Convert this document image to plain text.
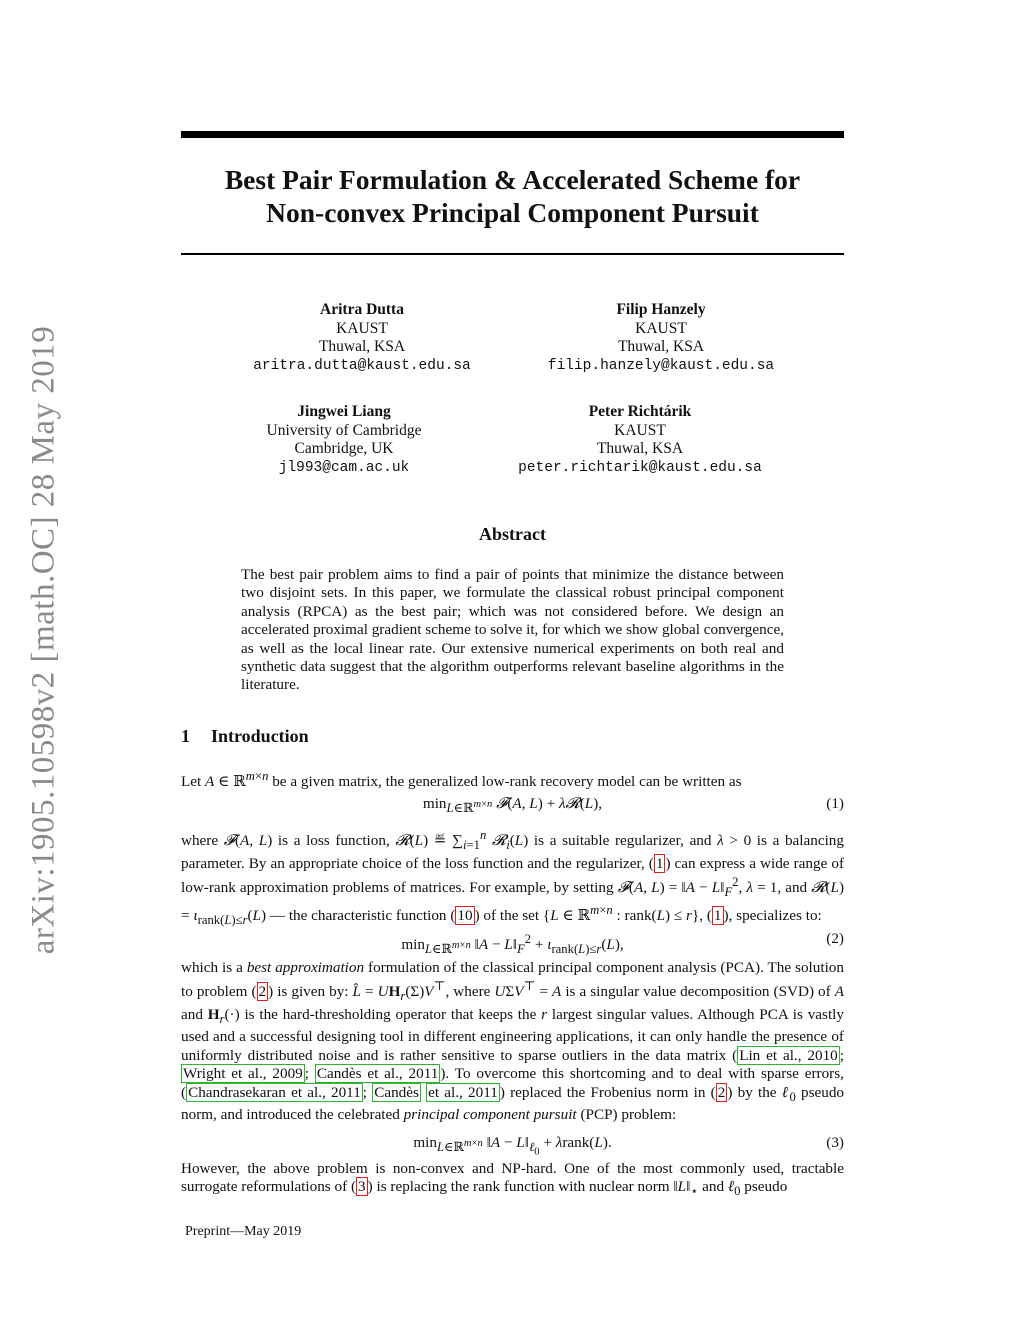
arXiv:1905.10598v2 [math.OC] 28 May 2019
Best Pair Formulation & Accelerated Scheme for
Non-convex Principal Component Pursuit
Aritra Dutta
KAUST
Thuwal, KSA
aritra.dutta@kaust.edu.sa
Filip Hanzely
KAUST
Thuwal, KSA
filip.hanzely@kaust.edu.sa
Jingwei Liang
University of Cambridge
Cambridge, UK
jl993@cam.ac.uk
Peter Richtárik
KAUST
Thuwal, KSA
peter.richtarik@kaust.edu.sa
Abstract
The best pair problem aims to find a pair of points that minimize the distance between two disjoint sets. In this paper, we formulate the classical robust principal component analysis (RPCA) as the best pair; which was not considered before. We design an accelerated proximal gradient scheme to solve it, for which we show global convergence, as well as the local linear rate. Our extensive numerical experiments on both real and synthetic data suggest that the algorithm outperforms relevant baseline algorithms in the literature.
1 Introduction
Let A ∈ ℝ$^{m\times n}$ be a given matrix, the generalized low-rank recovery model can be written as
$\min_{L\in ℝ^{m\times n}}$ 𝓕(A, L) + λ𝓡(L),	(1)
where 𝓕(A, L) is a loss function, 𝓡(L) ≝ $\sum_{i=1}^n$ 𝓡$_i$(L) is a suitable regularizer, and λ > 0 is a balancing parameter. By an appropriate choice of the loss function and the regularizer, ( 1 ) can express a wide range of low-rank approximation problems of matrices. For example, by setting 𝓕(A, L) = ‖A − $L‖_F^2$, λ = 1, and 𝓡(L) = $\iota_{rank(L)\le r}(L)$ — the characteristic function ( 10 ) of the set {L ∈ ℝ$^{m\times n}$ : rank(L) ≤ r}, ( 1 ), specializes to:
$\min_{L\in ℝ^{m\times n}}$ ‖A − $L‖_F^2 + \iota_{rank(L)\le r}(L)$,	(2)
which is a best approximation formulation of the classical principal component analysis (PCA). The solution to problem ( 2 ) is given by: L̂ = $UH_r(\Sigma)V^⊤$, where UΣV⊤ = A is a singular value decomposition (SVD) of A and $H_r(\cdot)$ is the hard-thresholding operator that keeps the r largest singular values. Although PCA is vastly used and a successful designing tool in different engineering applications, it can only handle the presence of uniformly distributed noise and is rather sensitive to sparse outliers in the data matrix ( Lin et al., 2010 ; Wright et al., 2009 ; Candès et al., 2011 ). To overcome this shortcoming and to deal with sparse errors, ( Chandrasekaran et al., 2011 ; Candès et al., 2011 ) replaced the Frobenius norm in ( 2 ) by the ℓ$_0$ pseudo norm, and introduced the celebrated principal component pursuit (PCP) problem:
$\min_{L\in ℝ^{m\times n}}$ ‖A − $L‖_{\ell_0}$ + λrank(L).	(3)
However, the above problem is non-convex and NP-hard. One of the most commonly used, tractable surrogate reformulations of ( 3 ) is replacing the rank function with nuclear norm $‖L‖_⋆$ and ℓ$_0$ pseudo
Preprint—May 2019
